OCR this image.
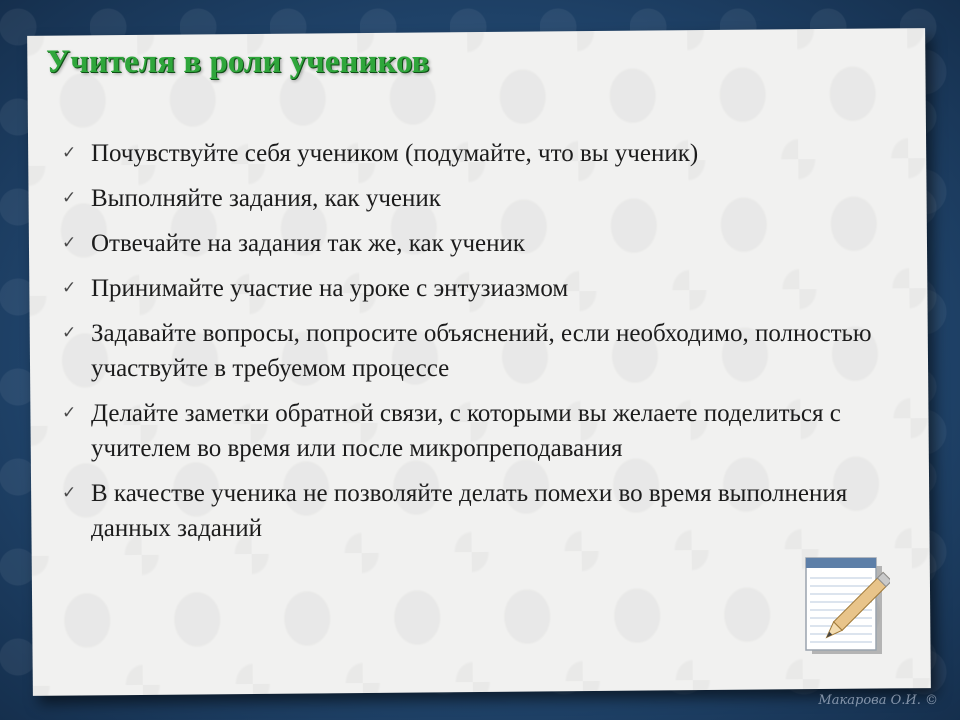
Учителя в роли учеников
✓ Почувствуйте себя учеником (подумайте, что вы ученик)
✓ Выполняйте задания, как ученик
✓ Отвечайте на задания так же, как ученик
✓ Принимайте участие на уроке с энтузиазмом
✓ Задавайте вопросы, попросите объяснений, если необходимо, полностью участвуйте в требуемом процессе
✓ Делайте заметки обратной связи, с которыми вы желаете поделиться с учителем во время или после микропреподавания
✓ В качестве ученика не позволяйте делать помехи во время выполнения данных заданий
Макарова О.И. ©
